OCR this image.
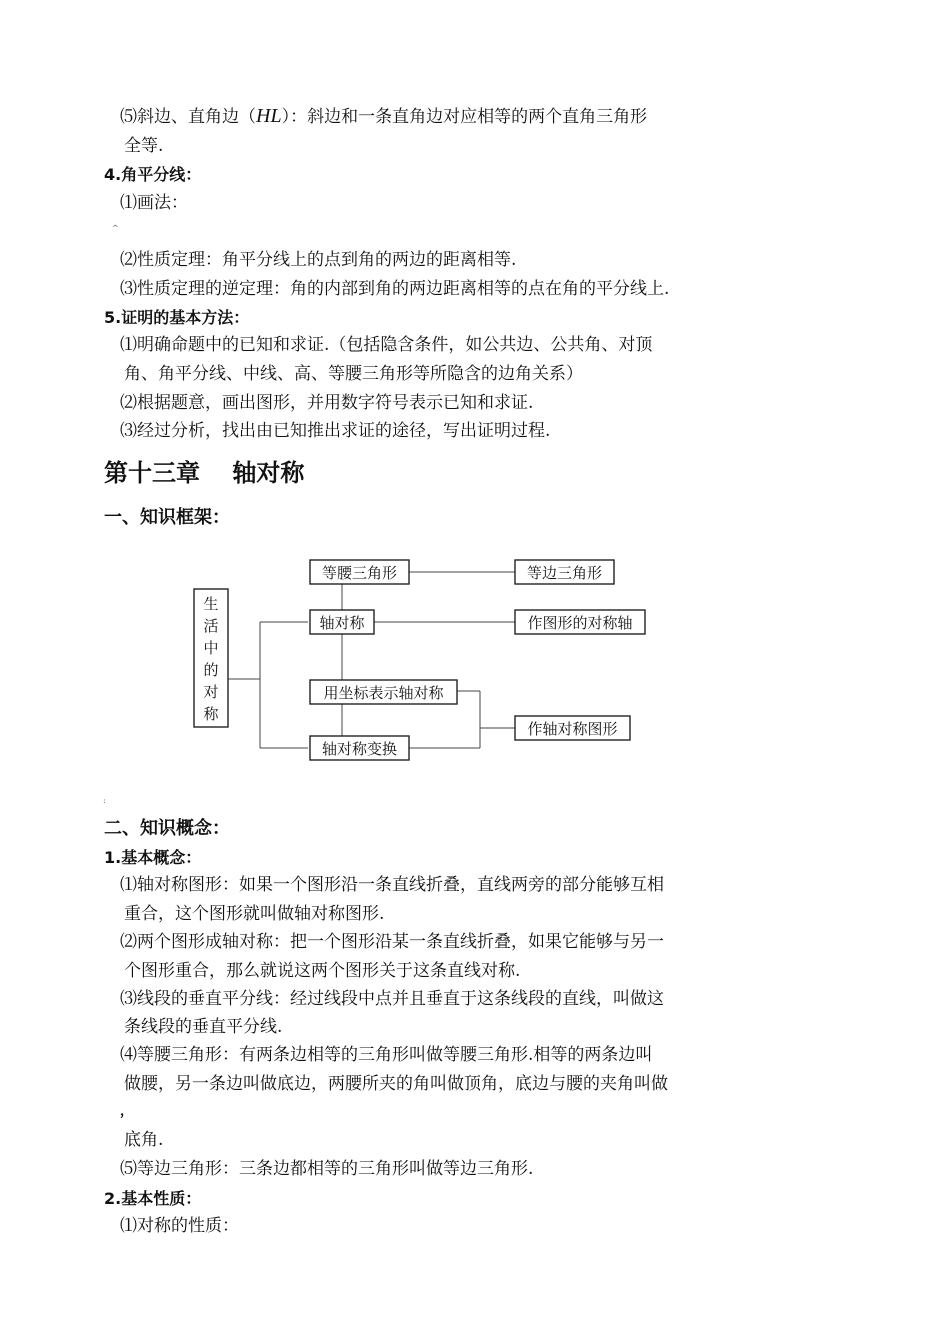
⑸斜边、直角边（HL）：斜边和一条直角边对应相等的两个直角三角形
全等.
4.角平分线：
⑴画法：
^
⑵性质定理：角平分线上的点到角的两边的距离相等.
⑶性质定理的逆定理：角的内部到角的两边距离相等的点在角的平分线上.
5.证明的基本方法：
⑴明确命题中的已知和求证.（包括隐含条件，如公共边、公共角、对顶
角、角平分线、中线、高、等腰三角形等所隐含的边角关系）
⑵根据题意，画出图形，并用数字符号表示已知和求证.
⑶经过分析，找出由已知推出求证的途径，写出证明过程.
第十三章　 轴对称
一、知识框架：
生
活
中
的
对
称
等腰三角形	等边三角形
轴对称	作图形的对称轴
用坐标表示轴对称
轴对称变换
作轴对称图形
:
二、知识概念：
1.基本概念：
⑴轴对称图形：如果一个图形沿一条直线折叠，直线两旁的部分能够互相
重合，这个图形就叫做轴对称图形.
⑵两个图形成轴对称：把一个图形沿某一条直线折叠，如果它能够与另一
个图形重合，那么就说这两个图形关于这条直线对称.
⑶线段的垂直平分线：经过线段中点并且垂直于这条线段的直线，叫做这
条线段的垂直平分线.
⑷等腰三角形：有两条边相等的三角形叫做等腰三角形.相等的两条边叫
做腰，另一条边叫做底边，两腰所夹的角叫做顶角，底边与腰的夹角叫做
，
底角.
⑸等边三角形：三条边都相等的三角形叫做等边三角形.
2.基本性质：
⑴对称的性质：
